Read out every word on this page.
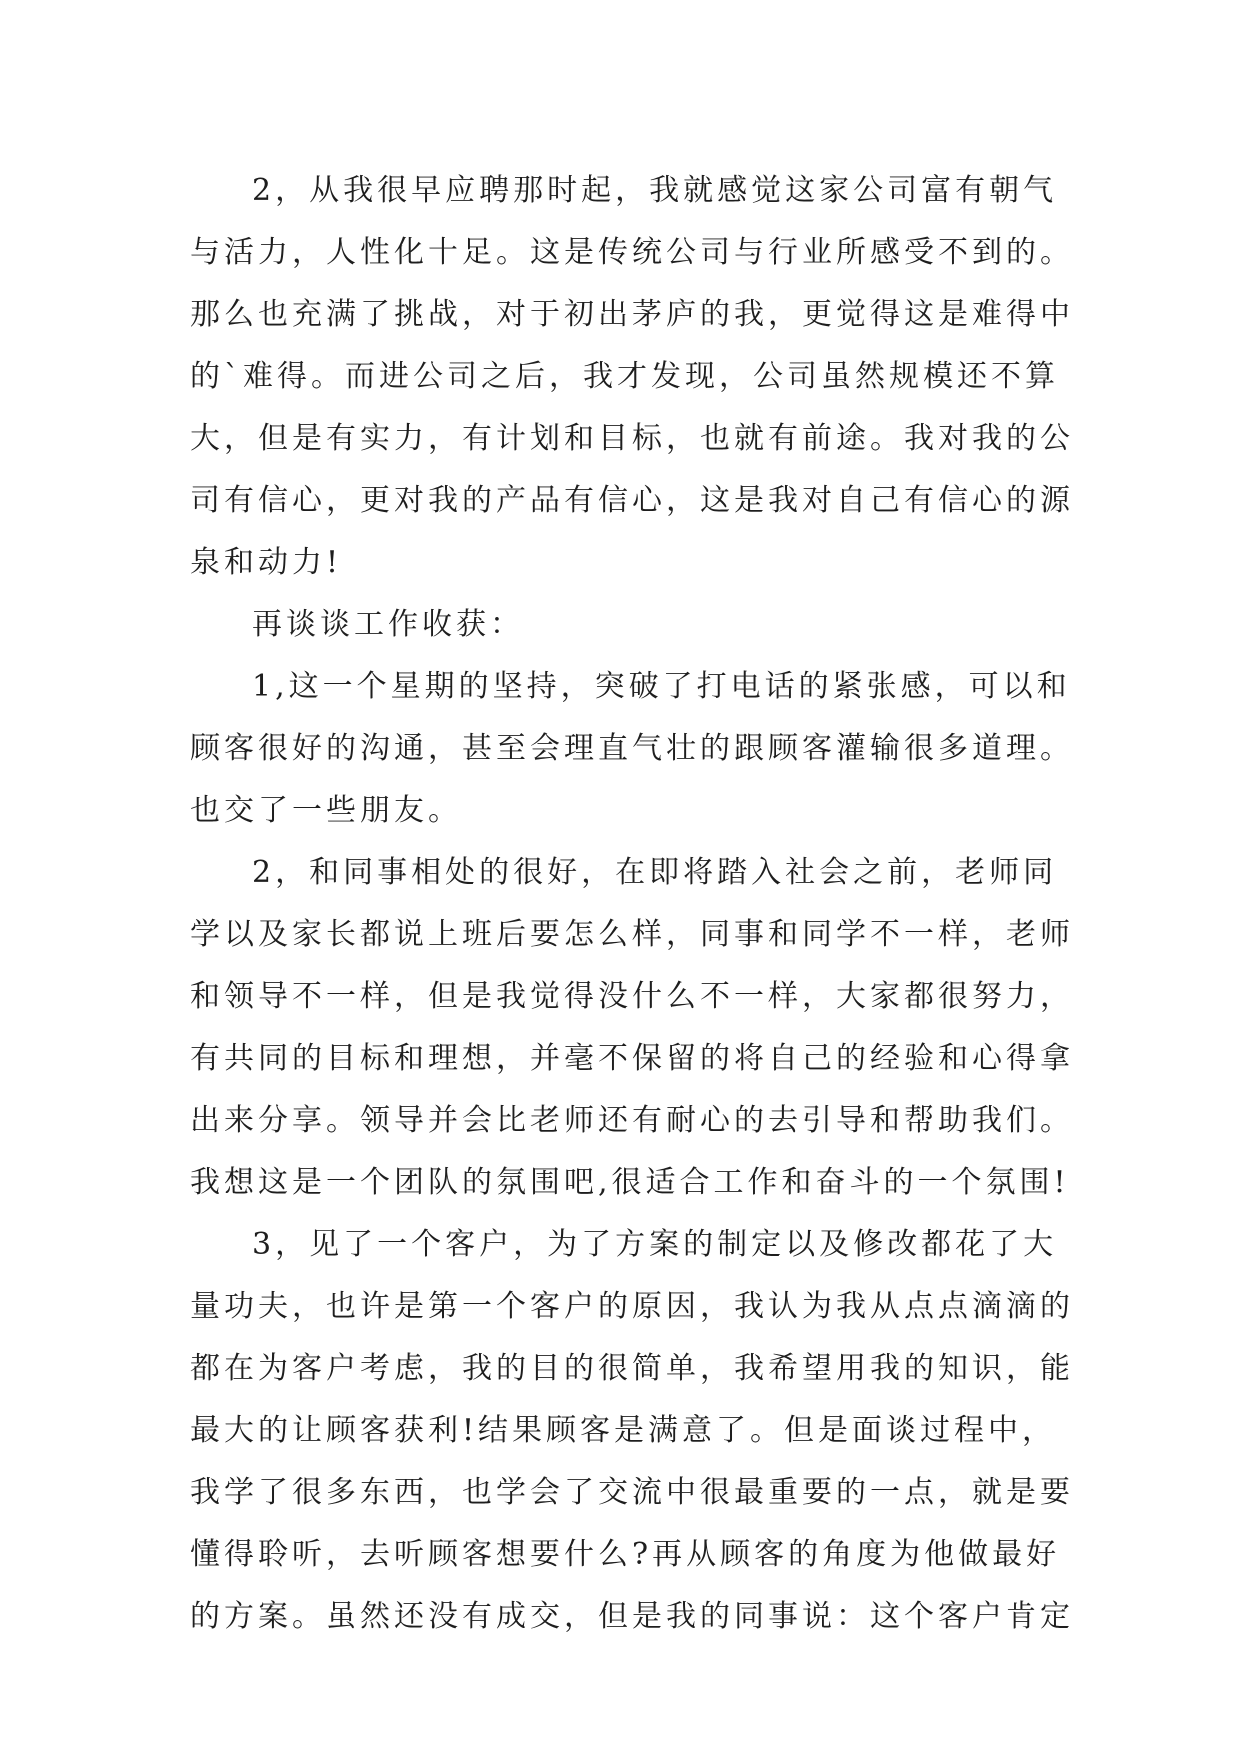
2，从我很早应聘那时起，我就感觉这家公司富有朝气
与活力，人性化十足。这是传统公司与行业所感受不到的。
那么也充满了挑战，对于初出茅庐的我，更觉得这是难得中
的`难得。而进公司之后，我才发现，公司虽然规模还不算
大，但是有实力，有计划和目标，也就有前途。我对我的公
司有信心，更对我的产品有信心，这是我对自己有信心的源
泉和动力!
再谈谈工作收获：
1,这一个星期的坚持，突破了打电话的紧张感，可以和
顾客很好的沟通，甚至会理直气壮的跟顾客灌输很多道理。
也交了一些朋友。
2，和同事相处的很好，在即将踏入社会之前，老师同
学以及家长都说上班后要怎么样，同事和同学不一样，老师
和领导不一样，但是我觉得没什么不一样，大家都很努力，
有共同的目标和理想，并毫不保留的将自己的经验和心得拿
出来分享。领导并会比老师还有耐心的去引导和帮助我们。
我想这是一个团队的氛围吧,很适合工作和奋斗的一个氛围!
3，见了一个客户，为了方案的制定以及修改都花了大
量功夫，也许是第一个客户的原因，我认为我从点点滴滴的
都在为客户考虑，我的目的很简单，我希望用我的知识，能
最大的让顾客获利!结果顾客是满意了。但是面谈过程中，
我学了很多东西，也学会了交流中很最重要的一点，就是要
懂得聆听，去听顾客想要什么?再从顾客的角度为他做最好
的方案。虽然还没有成交，但是我的同事说：这个客户肯定
